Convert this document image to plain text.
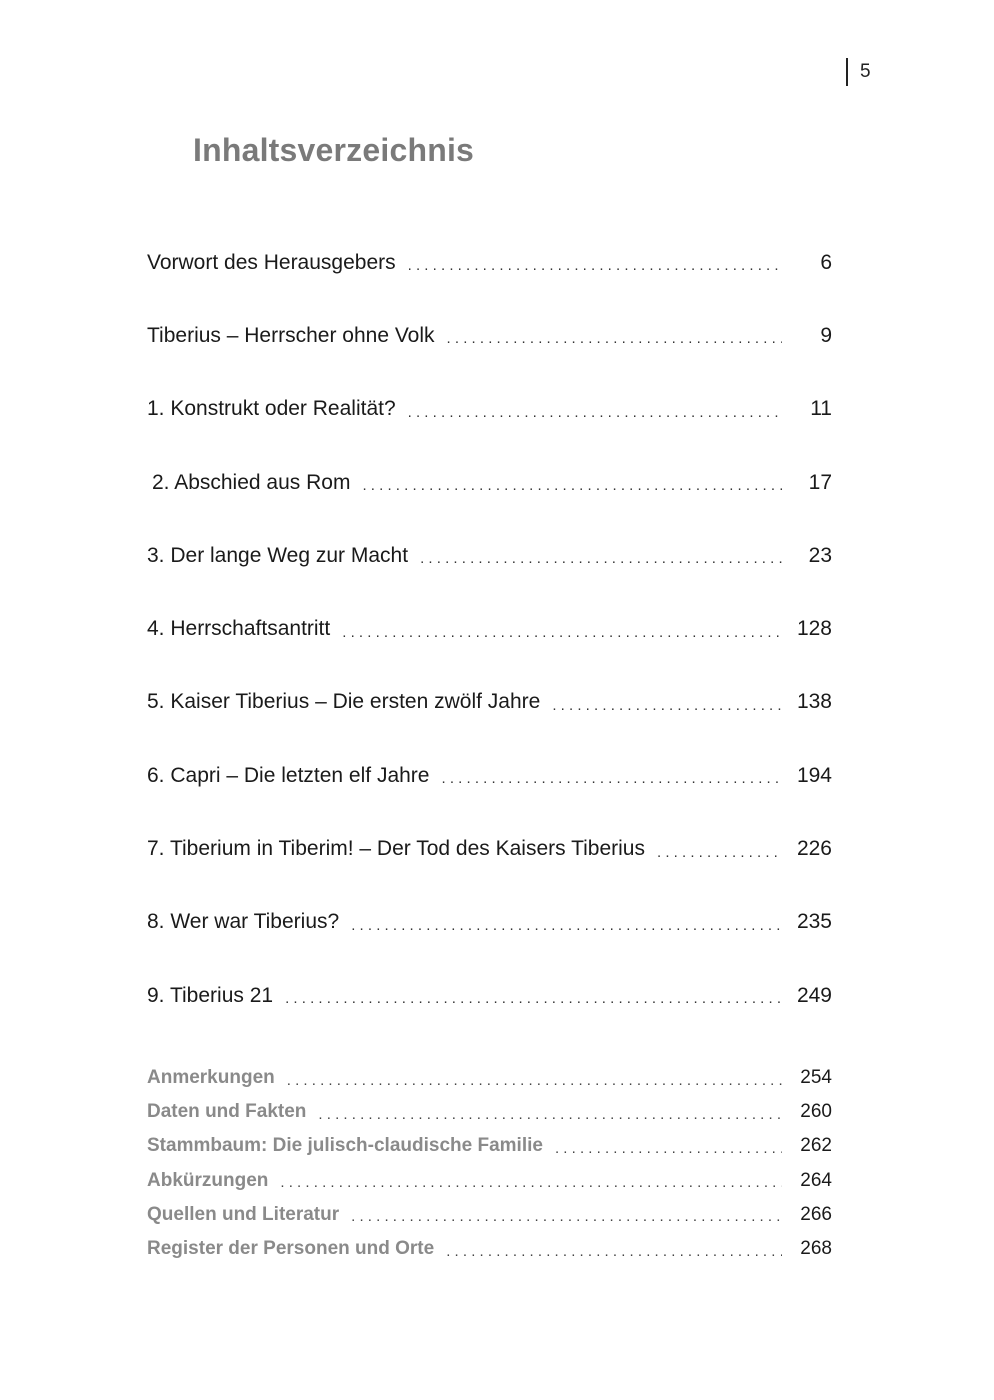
5
Inhaltsverzeichnis
Vorwort des Herausgebers . . .	6
Tiberius – Herrscher ohne Volk . . .	9
1. Konstrukt oder Realität? . . .	11
2. Abschied aus Rom . . .	17
3. Der lange Weg zur Macht . . .	23
4. Herrschaftsantritt . . .	128
5. Kaiser Tiberius – Die ersten zwölf Jahre . . .	138
6. Capri – Die letzten elf Jahre . . .	194
7. Tiberium in Tiberim! – Der Tod des Kaisers Tiberius . . .	226
8. Wer war Tiberius? . . .	235
9. Tiberius 21 . . .	249
Anmerkungen . . .	254
Daten und Fakten . . .	260
Stammbaum: Die julisch-claudische Familie . . .	262
Abkürzungen . . .	264
Quellen und Literatur . . .	266
Register der Personen und Orte . . .	268
